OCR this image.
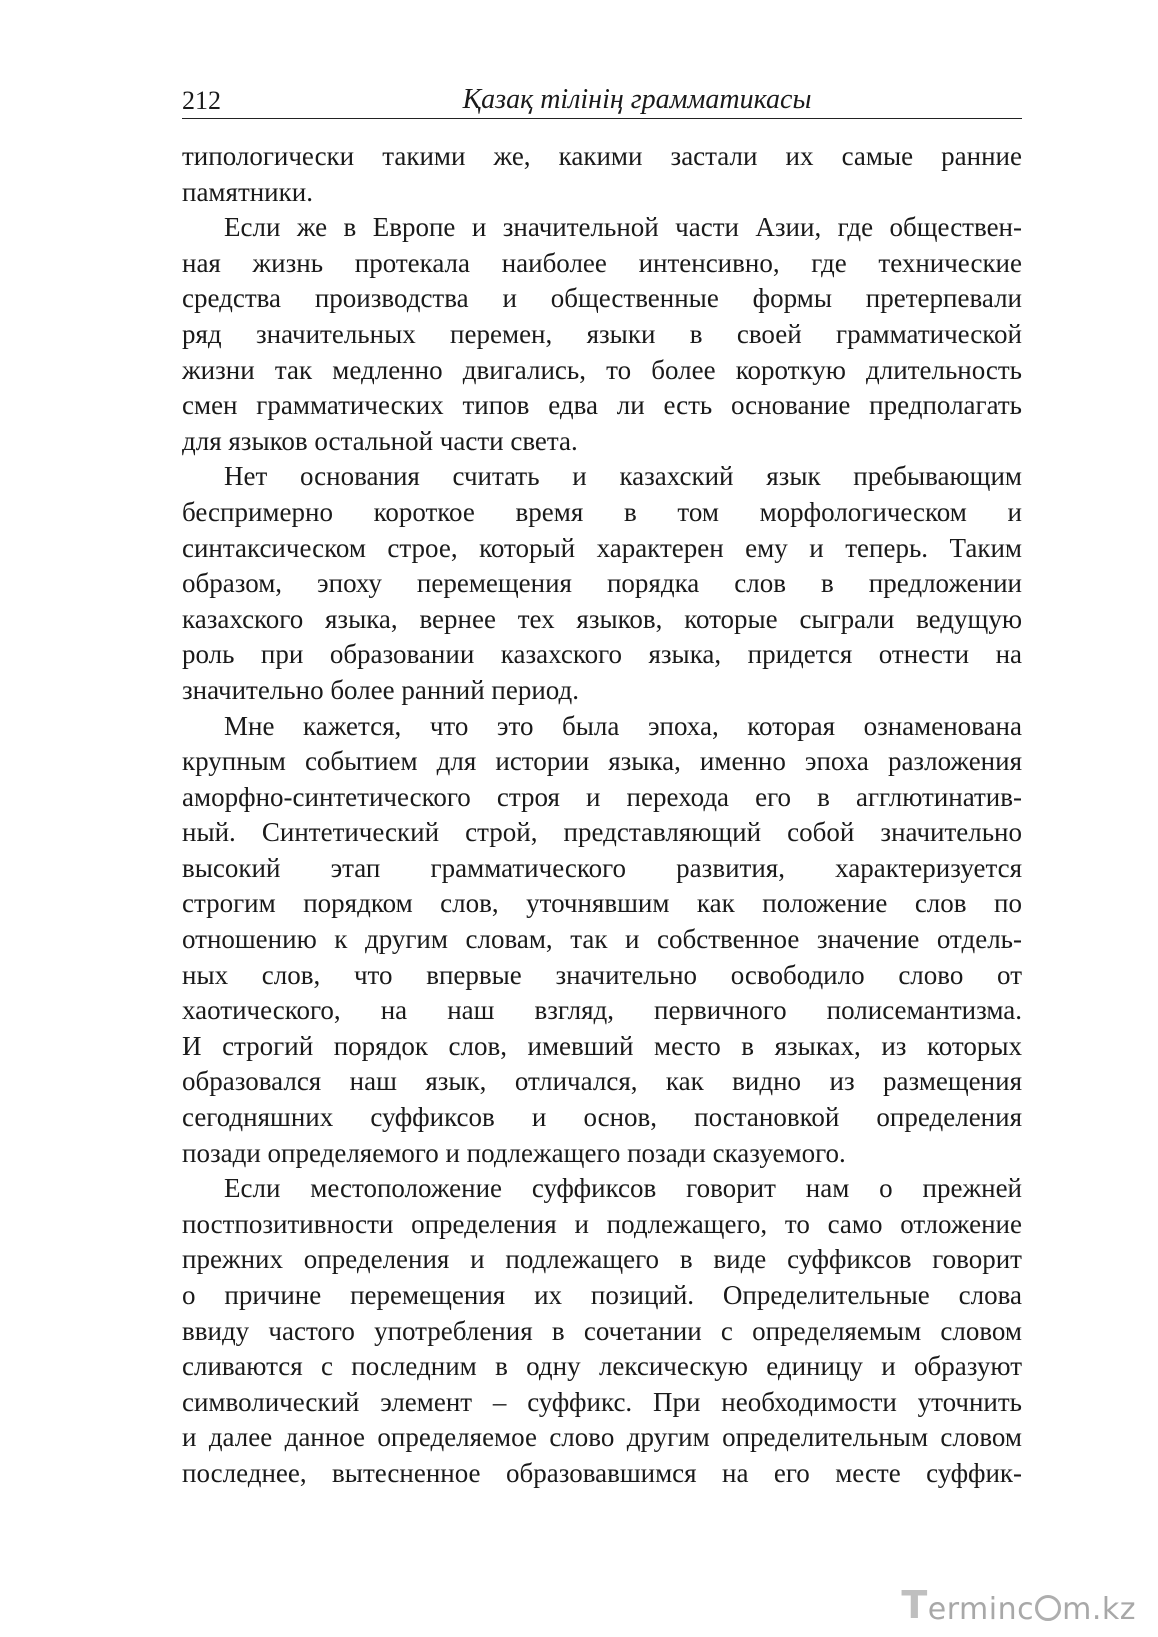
212	Қазақ тілінің грамматикасы
типологически такими же, какими застали их самые ранние
памятники.
Если же в Европе и значительной части Азии, где обществен-
ная жизнь протекала наиболее интенсивно, где технические
средства производства и общественные формы претерпевали
ряд значительных перемен, языки в своей грамматической
жизни так медленно двигались, то более короткую длительность
смен грамматических типов едва ли есть основание предполагать
для языков остальной части света.
Нет основания считать и казахский язык пребывающим
беспримерно короткое время в том морфологическом и
синтаксическом строе, который характерен ему и теперь. Таким
образом, эпоху перемещения порядка слов в предложении
казахского языка, вернее тех языков, которые сыграли ведущую
роль при образовании казахского языка, придется отнести на
значительно более ранний период.
Мне кажется, что это была эпоха, которая ознаменована
крупным событием для истории языка, именно эпоха разложения
аморфно-синтетического строя и перехода его в агглютинатив-
ный. Синтетический строй, представляющий собой значительно
высокий этап грамматического развития, характеризуется
строгим порядком слов, уточнявшим как положение слов по
отношению к другим словам, так и собственное значение отдель-
ных слов, что впервые значительно освободило слово от
хаотического, на наш взгляд, первичного полисемантизма.
И строгий порядок слов, имевший место в языках, из которых
образовался наш язык, отличался, как видно из размещения
сегодняшних суффиксов и основ, постановкой определения
позади определяемого и подлежащего позади сказуемого.
Если местоположение суффиксов говорит нам о прежней
постпозитивности определения и подлежащего, то само отложение
прежних определения и подлежащего в виде суффиксов говорит
о причине перемещения их позиций. Определительные слова
ввиду частого употребления в сочетании с определяемым словом
сливаются с последним в одну лексическую единицу и образуют
символический элемент – суффикс. При необходимости уточнить
и далее данное определяемое слово другим определительным словом
последнее, вытесненное образовавшимся на его месте суффик-
T erminc m.kz
